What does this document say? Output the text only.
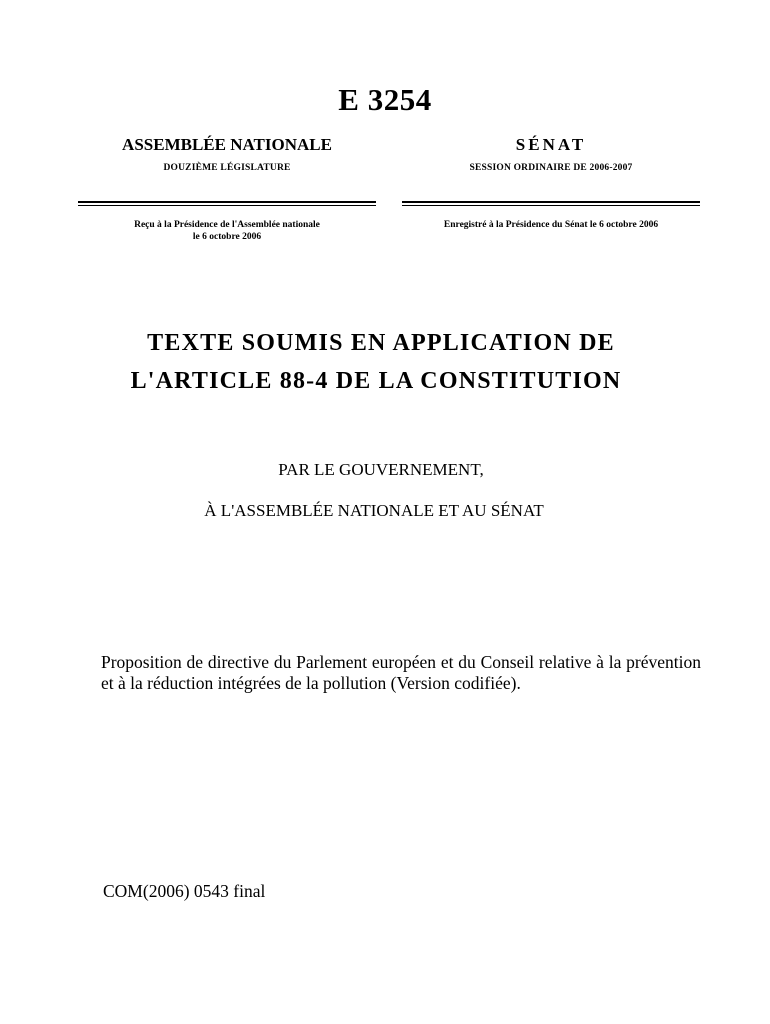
E 3254
ASSEMBLÉE NATIONALE	SÉNAT
DOUZIÈME LÉGISLATURE	SESSION ORDINAIRE DE 2006-2007
Reçu à la Présidence de l'Assemblée nationale
le 6 octobre 2006
Enregistré à la Présidence du Sénat le 6 octobre 2006
TEXTE SOUMIS EN APPLICATION DE
L'ARTICLE 88-4 DE LA CONSTITUTION
PAR LE GOUVERNEMENT,
À L'ASSEMBLÉE NATIONALE ET AU SÉNAT
Proposition de directive du Parlement européen et du Conseil relative à la prévention et à la réduction intégrées de la pollution (Version codifiée).
COM(2006) 0543 final
